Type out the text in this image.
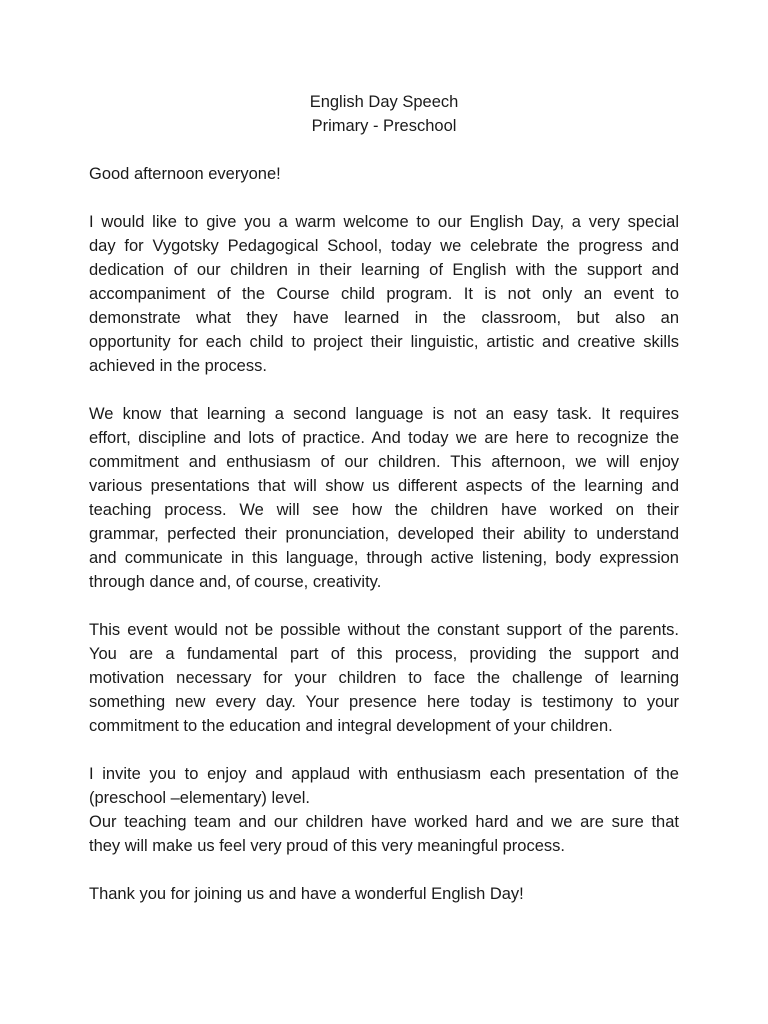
English Day Speech
Primary - Preschool

Good afternoon everyone!

I would like to give you a warm welcome to our English Day, a very special
day for Vygotsky Pedagogical School, today we celebrate the progress and
dedication of our children in their learning of English with the support and
accompaniment of the Course child program. It is not only an event to
demonstrate what they have learned in the classroom, but also an
opportunity for each child to project their linguistic, artistic and creative skills
achieved in the process.

We know that learning a second language is not an easy task. It requires
effort, discipline and lots of practice. And today we are here to recognize the
commitment and enthusiasm of our children. This afternoon, we will enjoy
various presentations that will show us different aspects of the learning and
teaching process. We will see how the children have worked on their
grammar, perfected their pronunciation, developed their ability to understand
and communicate in this language, through active listening, body expression
through dance and, of course, creativity.

This event would not be possible without the constant support of the parents.
You are a fundamental part of this process, providing the support and
motivation necessary for your children to face the challenge of learning
something new every day. Your presence here today is testimony to your
commitment to the education and integral development of your children.

I invite you to enjoy and applaud with enthusiasm each presentation of the
(preschool –elementary) level.

Our teaching team and our children have worked hard and we are sure that
they will make us feel very proud of this very meaningful process.

Thank you for joining us and have a wonderful English Day!
